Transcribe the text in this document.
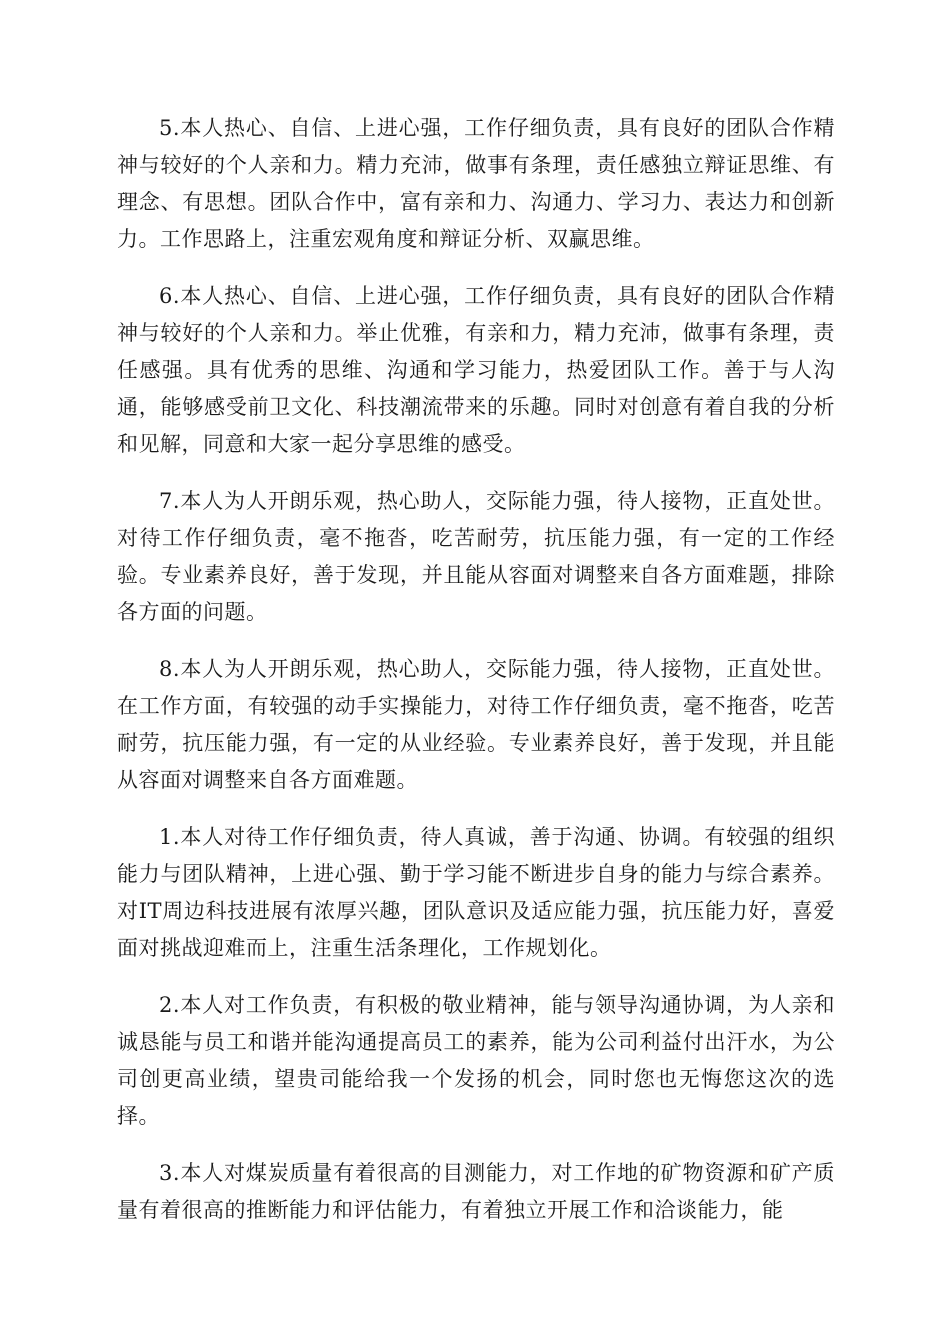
5.本人热心、自信、上进心强，工作仔细负责，具有良好的团队合作精神与较好的个人亲和力。精力充沛，做事有条理，责任感独立辩证思维、有理念、有思想。团队合作中，富有亲和力、沟通力、学习力、表达力和创新力。工作思路上，注重宏观角度和辩证分析、双赢思维。

6.本人热心、自信、上进心强，工作仔细负责，具有良好的团队合作精神与较好的个人亲和力。举止优雅，有亲和力，精力充沛，做事有条理，责任感强。具有优秀的思维、沟通和学习能力，热爱团队工作。善于与人沟通，能够感受前卫文化、科技潮流带来的乐趣。同时对创意有着自我的分析和见解，同意和大家一起分享思维的感受。

7.本人为人开朗乐观，热心助人，交际能力强，待人接物，正直处世。对待工作仔细负责，毫不拖沓，吃苦耐劳，抗压能力强，有一定的工作经验。专业素养良好，善于发现，并且能从容面对调整来自各方面难题，排除各方面的问题。

8.本人为人开朗乐观，热心助人，交际能力强，待人接物，正直处世。在工作方面，有较强的动手实操能力，对待工作仔细负责，毫不拖沓，吃苦耐劳，抗压能力强，有一定的从业经验。专业素养良好，善于发现，并且能从容面对调整来自各方面难题。

1.本人对待工作仔细负责，待人真诚，善于沟通、协调。有较强的组织能力与团队精神，上进心强、勤于学习能不断进步自身的能力与综合素养。对IT周边科技进展有浓厚兴趣，团队意识及适应能力强，抗压能力好，喜爱面对挑战迎难而上，注重生活条理化，工作规划化。

2.本人对工作负责，有积极的敬业精神，能与领导沟通协调，为人亲和诚恳能与员工和谐并能沟通提高员工的素养，能为公司利益付出汗水，为公司创更高业绩，望贵司能给我一个发扬的机会，同时您也无悔您这次的选择。

3.本人对煤炭质量有着很高的目测能力，对工作地的矿物资源和矿产质量有着很高的推断能力和评估能力，有着独立开展工作和洽谈能力，能
